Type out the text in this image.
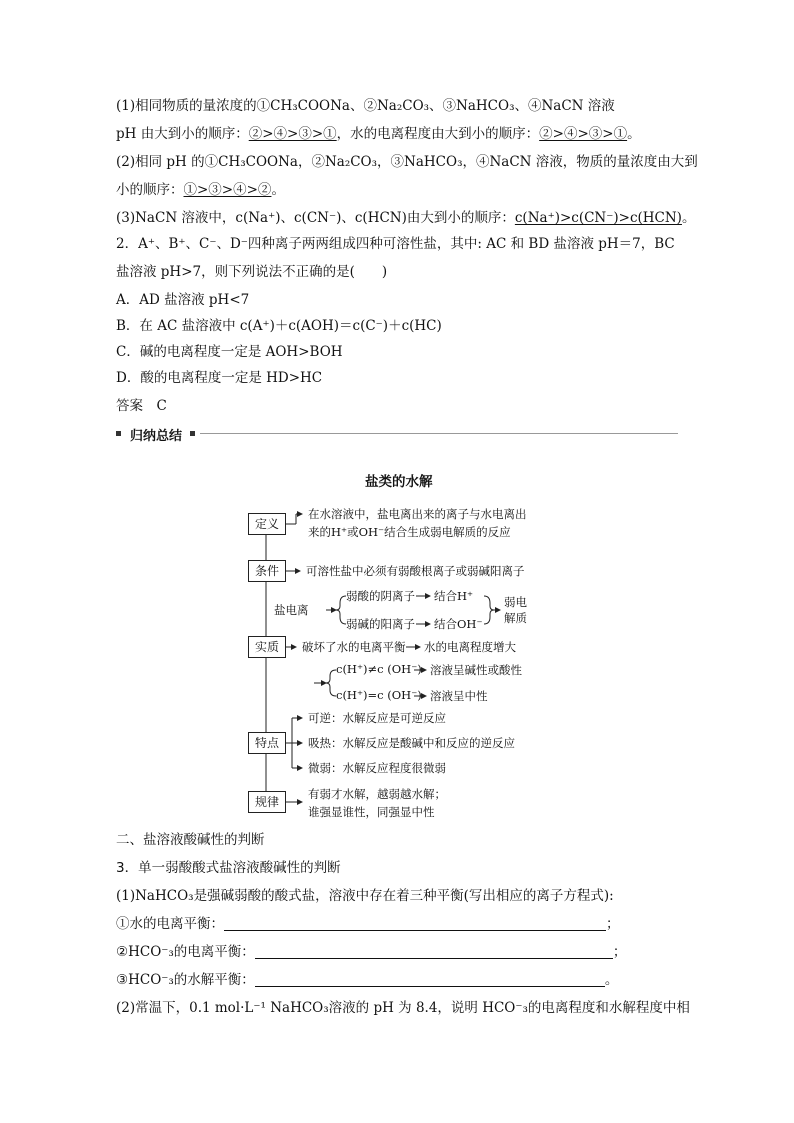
(1)相同物质的量浓度的①CH₃COONa、②Na₂CO₃、③NaHCO₃、④NaCN 溶液
pH 由大到小的顺序：②>④>③>①，水的电离程度由大到小的顺序：②>④>③>①。
(2)相同 pH 的①CH₃COONa，②Na₂CO₃，③NaHCO₃，④NaCN 溶液，物质的量浓度由大到
小的顺序：①>③>④>②。
(3)NaCN 溶液中，c(Na⁺)、c(CN⁻)、c(HCN)由大到小的顺序：c(Na⁺)>c(CN⁻)>c(HCN)。
2．A⁺、B⁺、C⁻、D⁻四种离子两两组成四种可溶性盐，其中: AC 和 BD 盐溶液 pH＝7，BC
盐溶液 pH>7，则下列说法不正确的是(　　)
A．AD 盐溶液 pH<7
B．在 AC 盐溶液中 c(A⁺)＋c(AOH)＝c(C⁻)＋c(HC)
C．碱的电离程度一定是 AOH>BOH
D．酸的电离程度一定是 HD>HC
答案　C
归纳总结
盐类的水解
定义
在水溶液中，盐电离出来的离子与水电离出
来的H⁺或OH⁻结合生成弱电解质的反应
条件	可溶性盐中必须有弱酸根离子或弱碱阳离子
盐电离
弱酸的阴离子 结合H⁺
弱碱的阳离子 结合OH⁻
弱电
解质
实质	破坏了水的电离平衡 水的电离程度增大
c(H⁺)≠c (OH⁻) 溶液呈碱性或酸性
c(H⁺)=c (OH⁻) 溶液呈中性
特点
可逆：水解反应是可逆反应
吸热：水解反应是酸碱中和反应的逆反应
微弱：水解反应程度很微弱
规律
有弱才水解，越弱越水解；
谁强显谁性，同强显中性
二、盐溶液酸碱性的判断
3．单一弱酸酸式盐溶液酸碱性的判断
(1)NaHCO₃是强碱弱酸的酸式盐，溶液中存在着三种平衡(写出相应的离子方程式):
①水的电离平衡：	；
②HCO⁻₃的电离平衡：	；
③HCO⁻₃的水解平衡：	。
(2)常温下，0.1 mol·L⁻¹ NaHCO₃溶液的 pH 为 8.4，说明 HCO⁻₃的电离程度和水解程度中相
